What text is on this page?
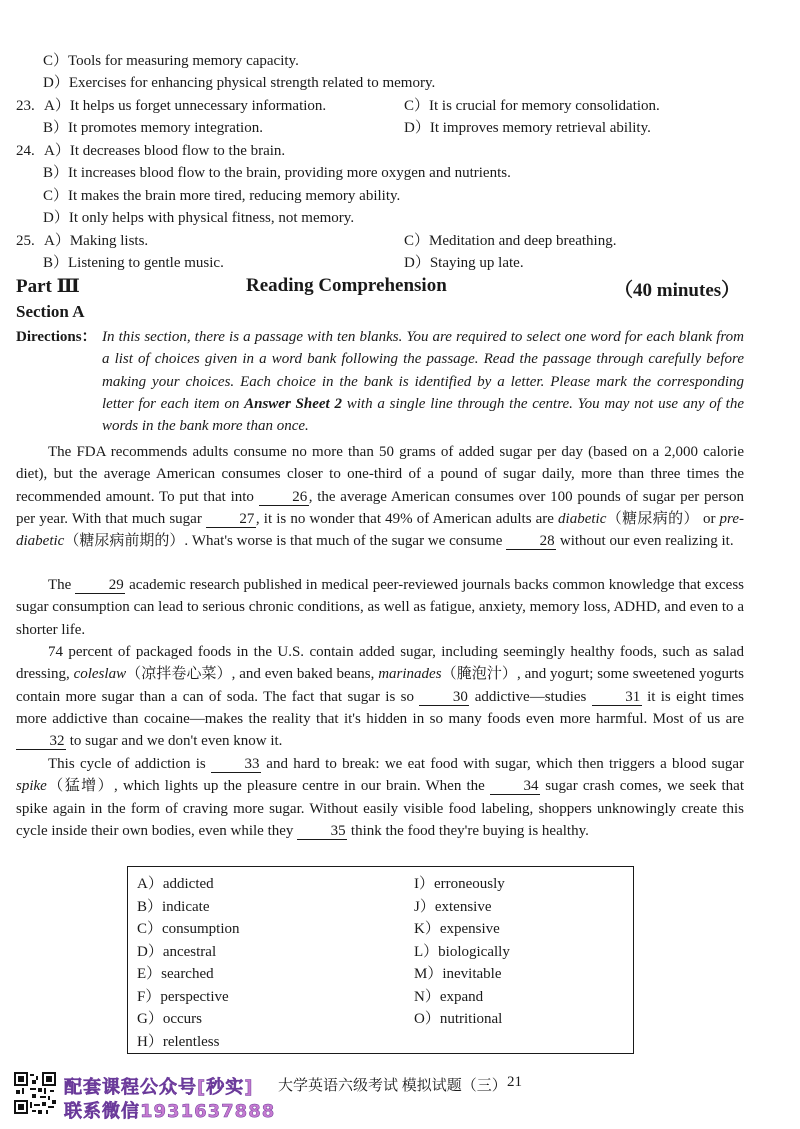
C）Tools for measuring memory capacity.
D）Exercises for enhancing physical strength related to memory.
23. A）It helps us forget unnecessary information.	C）It is crucial for memory consolidation.
B）It promotes memory integration.	D）It improves memory retrieval ability.
24. A）It decreases blood flow to the brain.
B）It increases blood flow to the brain, providing more oxygen and nutrients.
C）It makes the brain more tired, reducing memory ability.
D）It only helps with physical fitness, not memory.
25. A）Making lists.	C）Meditation and deep breathing.
B）Listening to gentle music.	D）Staying up late.
Part Ⅲ	Reading Comprehension	（40 minutes）
Section A
Directions： In this section, there is a passage with ten blanks. You are required to select one word for each blank from a list of choices given in a word bank following the passage. Read the passage through carefully before making your choices. Each choice in the bank is identified by a letter. Please mark the corresponding letter for each item on Answer Sheet 2 with a single line through the centre. You may not use any of the words in the bank more than once.
The FDA recommends adults consume no more than 50 grams of added sugar per day (based on a 2,000 calorie diet), but the average American consumes closer to one-third of a pound of sugar daily, more than three times the recommended amount. To put that into 26 , the average American consumes over 100 pounds of sugar per person per year. With that much sugar 27 , it is no wonder that 49% of American adults are diabetic（糖尿病的） or pre-diabetic（糖尿病前期的）. What's worse is that much of the sugar we consume 28 without our even realizing it.
The 29 academic research published in medical peer-reviewed journals backs common knowledge that excess sugar consumption can lead to serious chronic conditions, as well as fatigue, anxiety, memory loss, ADHD, and even to a shorter life.
74 percent of packaged foods in the U.S. contain added sugar, including seemingly healthy foods, such as salad dressing, coleslaw（凉拌卷心菜）, and even baked beans, marinades（腌泡汁）, and yogurt; some sweetened yogurts contain more sugar than a can of soda. The fact that sugar is so 30 addictive—studies 31 it is eight times more addictive than cocaine—makes the reality that it's hidden in so many foods even more harmful. Most of us are 32 to sugar and we don't even know it.
This cycle of addiction is 33 and hard to break: we eat food with sugar, which then triggers a blood sugar spike（猛增）, which lights up the pleasure centre in our brain. When the 34 sugar crash comes, we seek that spike again in the form of craving more sugar. Without easily visible food labeling, shoppers unknowingly create this cycle inside their own bodies, even while they 35 think the food they're buying is healthy.
A）addicted
B）indicate
C）consumption
D）ancestral
E）searched
F）perspective
G）occurs
H）relentless
I）erroneously
J）extensive
K）expensive
L）biologically
M）inevitable
N）expand
O）nutritional
配套课程公众号[秒实]
联系微信1931637888
大学英语六级考试 模拟试题（三） 21
